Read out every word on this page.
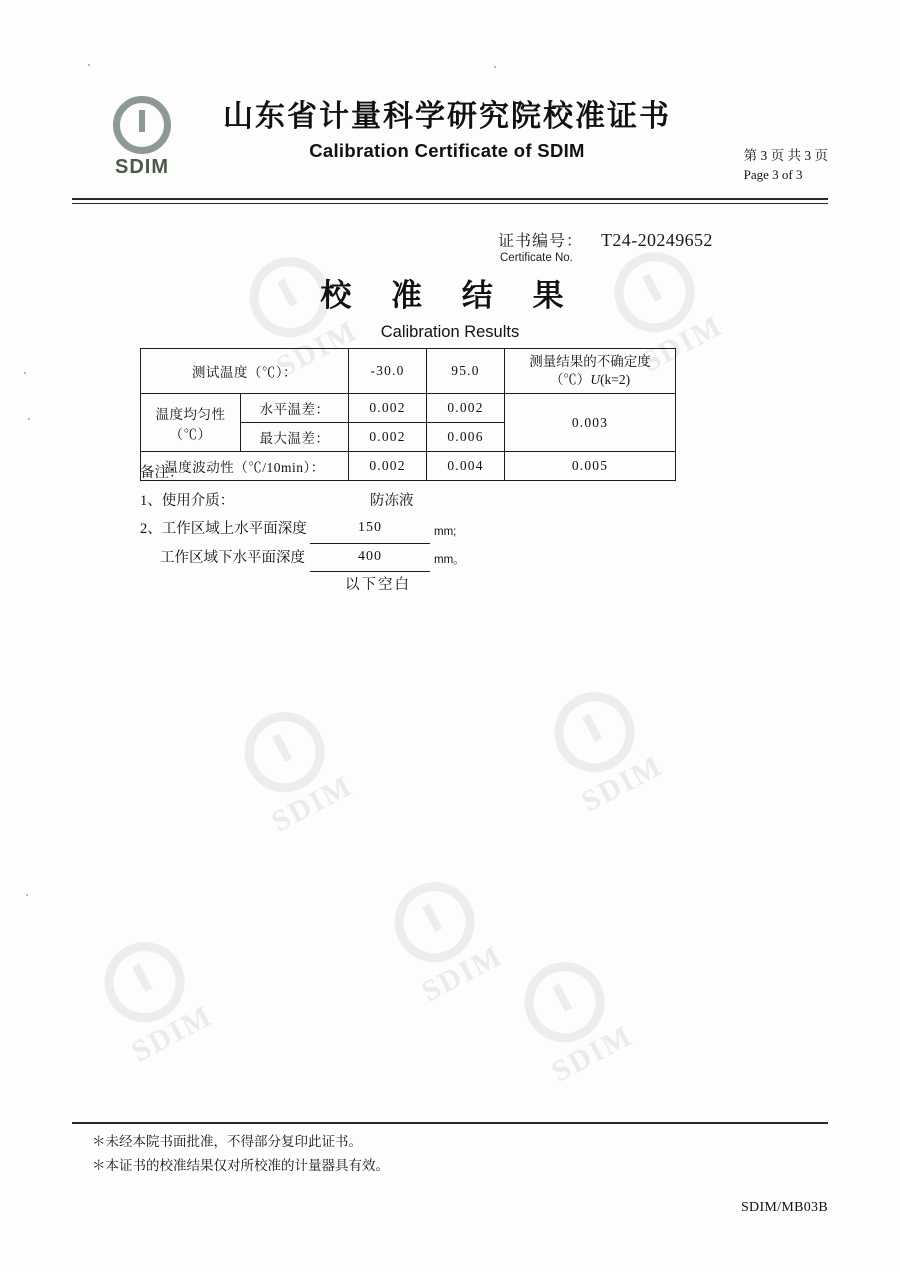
SDIM
SDIM
SDIM
SDIM
SDIM
SDIM
SDIM
SDIM
山东省计量科学研究院校准证书
Calibration Certificate of SDIM	第 3 页 共 3 页
Page 3 of 3
证书编号： T24-20249652
Certificate No.
校 准 结 果
Calibration Results
测试温度（℃）：		-30.0	95.0	测量结果的不确定度
（℃）U(k=2)

温度均匀性
（℃）	水平温差：	0.002	0.002	0.003
	最大温差：	0.002	0.006	
温度波动性（℃/10min）：		0.002	0.004	0.005
备注：
1、使用介质：	防冻液
2、工作区域上水平面深度	150	mm;
工作区域下水平面深度	400	mm。
以下空白
＊未经本院书面批准，不得部分复印此证书。
＊本证书的校准结果仅对所校准的计量器具有效。
SDIM/MB03B
